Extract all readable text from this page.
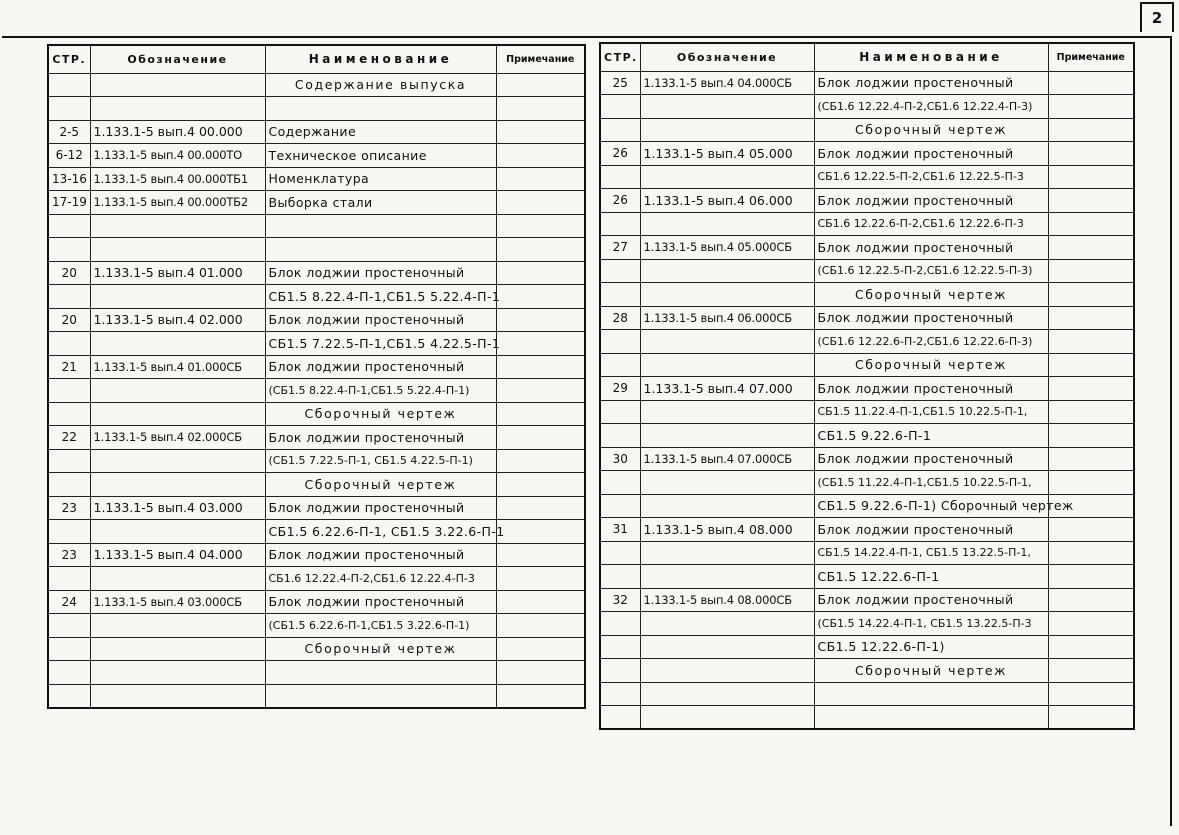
2
СТР.	Обозначение	Наименование	Примечание
		Содержание выпуска	

2-5	1.133.1-5 вып.4 00.000	Содержание	
6-12	1.133.1-5 вып.4 00.000ТО	Техническое описание	
13-16	1.133.1-5 вып.4 00.000ТБ1	Номенклатура	
17-19	1.133.1-5 вып.4 00.000ТБ2	Выборка стали	

20	1.133.1-5 вып.4 01.000	Блок лоджии простеночный	
		СБ1.5 8.22.4-П-1,СБ1.5 5.22.4-П-1	
20	1.133.1-5 вып.4 02.000	Блок лоджии простеночный	
		СБ1.5 7.22.5-П-1,СБ1.5 4.22.5-П-1	
21	1.133.1-5 вып.4 01.000СБ	Блок лоджии простеночный	
		(СБ1.5 8.22.4-П-1,СБ1.5 5.22.4-П-1)	
		Сборочный чертеж	
22	1.133.1-5 вып.4 02.000СБ	Блок лоджии простеночный	
		(СБ1.5 7.22.5-П-1, СБ1.5 4.22.5-П-1)	
		Сборочный чертеж	
23	1.133.1-5 вып.4 03.000	Блок лоджии простеночный	
		СБ1.5 6.22.6-П-1, СБ1.5 3.22.6-П-1	
23	1.133.1-5 вып.4 04.000	Блок лоджии простеночный	
		СБ1.6 12.22.4-П-2,СБ1.6 12.22.4-П-3	
24	1.133.1-5 вып.4 03.000СБ	Блок лоджии простеночный	
		(СБ1.5 6.22.6-П-1,СБ1.5 3.22.6-П-1)	
		Сборочный чертеж	

СТР.	Обозначение	Наименование	Примечание
25	1.133.1-5 вып.4 04.000СБ	Блок лоджии простеночный	
		(СБ1.6 12.22.4-П-2,СБ1.6 12.22.4-П-3)	
		Сборочный чертеж	
26	1.133.1-5 вып.4 05.000	Блок лоджии простеночный	
		СБ1.6 12.22.5-П-2,СБ1.6 12.22.5-П-3	
26	1.133.1-5 вып.4 06.000	Блок лоджии простеночный	
		СБ1.6 12.22.6-П-2,СБ1.6 12.22.6-П-3	
27	1.133.1-5 вып.4 05.000СБ	Блок лоджии простеночный	
		(СБ1.6 12.22.5-П-2,СБ1.6 12.22.5-П-3)	
		Сборочный чертеж	
28	1.133.1-5 вып.4 06.000СБ	Блок лоджии простеночный	
		(СБ1.6 12.22.6-П-2,СБ1.6 12.22.6-П-3)	
		Сборочный чертеж	
29	1.133.1-5 вып.4 07.000	Блок лоджии простеночный	
		СБ1.5 11.22.4-П-1,СБ1.5 10.22.5-П-1,	
		СБ1.5 9.22.6-П-1	
30	1.133.1-5 вып.4 07.000СБ	Блок лоджии простеночный	
		(СБ1.5 11.22.4-П-1,СБ1.5 10.22.5-П-1,	
		СБ1.5 9.22.6-П-1) Сборочный чертеж	
31	1.133.1-5 вып.4 08.000	Блок лоджии простеночный	
		СБ1.5 14.22.4-П-1, СБ1.5 13.22.5-П-1,	
		СБ1.5 12.22.6-П-1	
32	1.133.1-5 вып.4 08.000СБ	Блок лоджии простеночный	
		(СБ1.5 14.22.4-П-1, СБ1.5 13.22.5-П-3	
		СБ1.5 12.22.6-П-1)	
		Сборочный чертеж	
